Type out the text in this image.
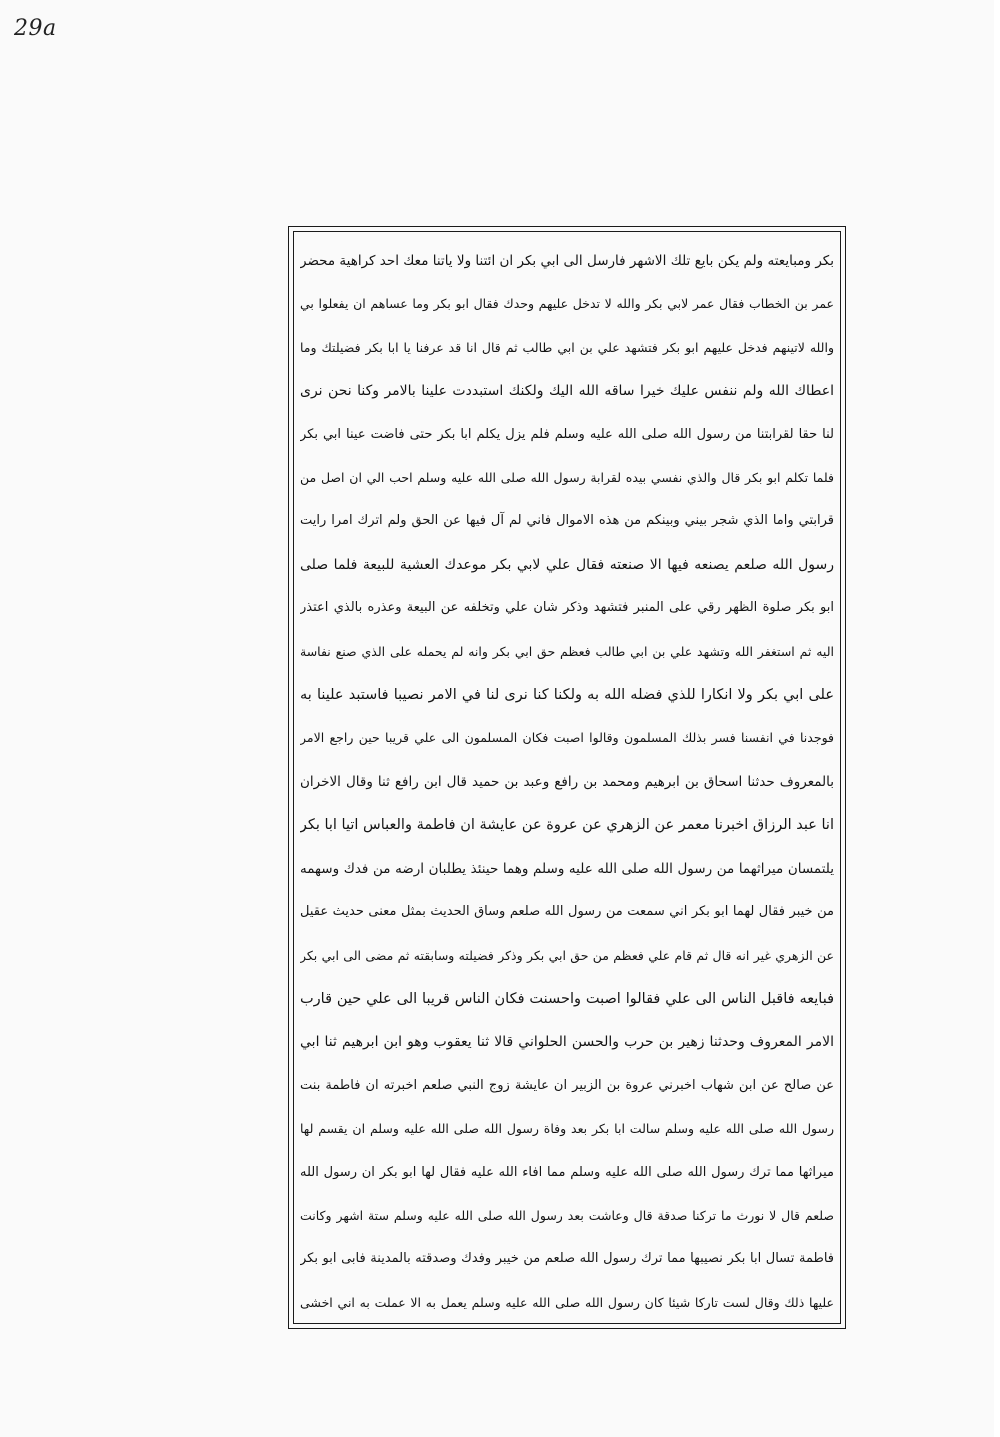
29a
بكر ومبايعته ولم يكن بايع تلك الاشهر فارسل الى ابي بكر ان ائتنا ولا ياتنا معك احد كراهية محضر
عمر بن الخطاب فقال عمر لابي بكر والله لا تدخل عليهم وحدك فقال ابو بكر وما عساهم ان يفعلوا بي
والله لاتينهم فدخل عليهم ابو بكر فتشهد علي بن ابي طالب ثم قال انا قد عرفنا يا ابا بكر فضيلتك وما
اعطاك الله ولم ننفس عليك خيرا ساقه الله اليك ولكنك استبددت علينا بالامر وكنا نحن نرى
لنا حقا لقرابتنا من رسول الله صلى الله عليه وسلم فلم يزل يكلم ابا بكر حتى فاضت عينا ابي بكر
فلما تكلم ابو بكر قال والذي نفسي بيده لقرابة رسول الله صلى الله عليه وسلم احب الي ان اصل من
قرابتي واما الذي شجر بيني وبينكم من هذه الاموال فاني لم آل فيها عن الحق ولم اترك امرا رايت
رسول الله صلعم يصنعه فيها الا صنعته فقال علي لابي بكر موعدك العشية للبيعة فلما صلى
ابو بكر صلوة الظهر رقي على المنبر فتشهد وذكر شان علي وتخلفه عن البيعة وعذره بالذي اعتذر
اليه ثم استغفر الله وتشهد علي بن ابي طالب فعظم حق ابي بكر وانه لم يحمله على الذي صنع نفاسة
على ابي بكر ولا انكارا للذي فضله الله به ولكنا كنا نرى لنا في الامر نصيبا فاستبد علينا به
فوجدنا في انفسنا فسر بذلك المسلمون وقالوا اصبت فكان المسلمون الى علي قريبا حين راجع الامر
بالمعروف حدثنا اسحاق بن ابرهيم ومحمد بن رافع وعبد بن حميد قال ابن رافع ثنا وقال الاخران
انا عبد الرزاق اخبرنا معمر عن الزهري عن عروة عن عايشة ان فاطمة والعباس اتيا ابا بكر
يلتمسان ميراثهما من رسول الله صلى الله عليه وسلم وهما حينئذ يطلبان ارضه من فدك وسهمه
من خيبر فقال لهما ابو بكر اني سمعت من رسول الله صلعم وساق الحديث بمثل معنى حديث عقيل
عن الزهري غير انه قال ثم قام علي فعظم من حق ابي بكر وذكر فضيلته وسابقته ثم مضى الى ابي بكر
فبايعه فاقبل الناس الى علي فقالوا اصبت واحسنت فكان الناس قريبا الى علي حين قارب
الامر المعروف وحدثنا زهير بن حرب والحسن الحلواني قالا ثنا يعقوب وهو ابن ابرهيم ثنا ابي
عن صالح عن ابن شهاب اخبرني عروة بن الزبير ان عايشة زوج النبي صلعم اخبرته ان فاطمة بنت
رسول الله صلى الله عليه وسلم سالت ابا بكر بعد وفاة رسول الله صلى الله عليه وسلم ان يقسم لها
ميراثها مما ترك رسول الله صلى الله عليه وسلم مما افاء الله عليه فقال لها ابو بكر ان رسول الله
صلعم قال لا نورث ما تركنا صدقة قال وعاشت بعد رسول الله صلى الله عليه وسلم ستة اشهر وكانت
فاطمة تسال ابا بكر نصيبها مما ترك رسول الله صلعم من خيبر وفدك وصدقته بالمدينة فابى ابو بكر
عليها ذلك وقال لست تاركا شيئا كان رسول الله صلى الله عليه وسلم يعمل به الا عملت به اني اخشى
